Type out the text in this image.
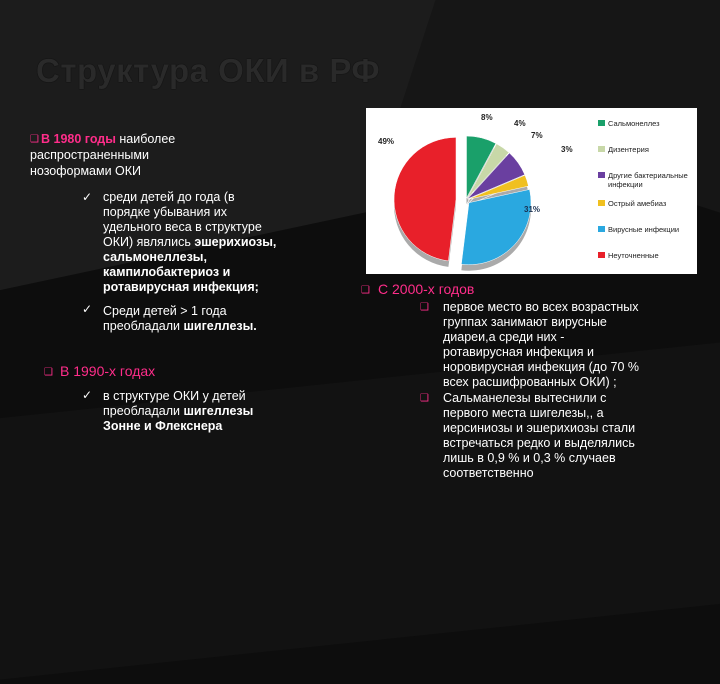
Структура ОКИ в РФ
❑ В 1980 годы наиболее
распространенными
нозоформами ОКИ
✓ среди детей до года (в
порядке убывания их
удельного веса в структуре
ОКИ) являлись эшерихиозы,
сальмонеллезы,
кампилобактериоз и
ротавирусная инфекция;
✓ Среди детей > 1 года
преобладали шигеллезы.
❑ В 1990-х годах
✓ в структуре ОКИ у детей
преобладали шигеллезы
Зонне и Флекснера
8%
4%
7%
3%
31%
49%
Сальмонеллез
Дизентерия
Другие бактериальные инфекции
Острый амебиаз
Вирусные инфекции
Неуточненные
❑ С 2000-х годов
❑ первое место во всех возрастных
группах занимают вирусные
диареи,а среди них -
ротавирусная инфекция и
норовирусная инфекция (до 70 %
всех расшифрованных ОКИ) ;
❑ Сальманелезы вытеснили с
первого места шигелезы,, а
иерсиниозы и эшерихиозы стали
встречаться редко и выделялись
лишь в 0,9 % и 0,3 % случаев
соответственно
